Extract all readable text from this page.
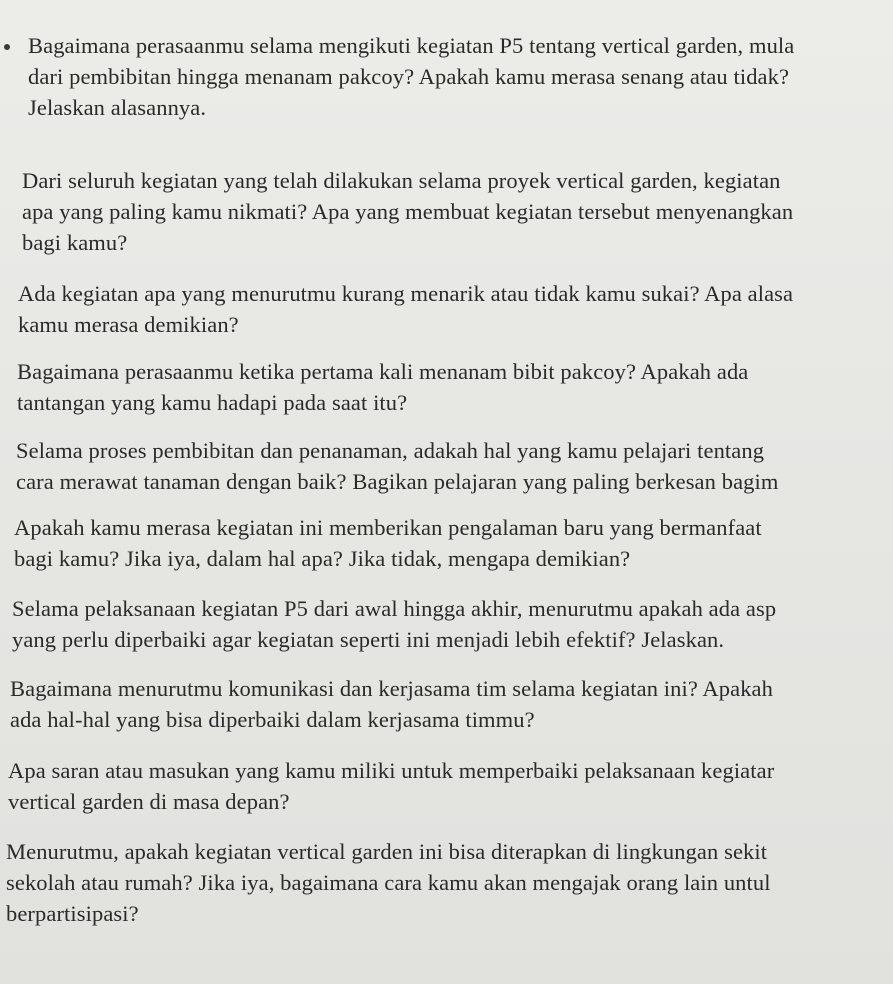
Bagaimana perasaanmu selama mengikuti kegiatan P5 tentang vertical garden, mula
dari pembibitan hingga menanam pakcoy? Apakah kamu merasa senang atau tidak?
Jelaskan alasannya.
Dari seluruh kegiatan yang telah dilakukan selama proyek vertical garden, kegiatan
apa yang paling kamu nikmati? Apa yang membuat kegiatan tersebut menyenangkan
bagi kamu?
Ada kegiatan apa yang menurutmu kurang menarik atau tidak kamu sukai? Apa alasa
kamu merasa demikian?
Bagaimana perasaanmu ketika pertama kali menanam bibit pakcoy? Apakah ada
tantangan yang kamu hadapi pada saat itu?
Selama proses pembibitan dan penanaman, adakah hal yang kamu pelajari tentang
cara merawat tanaman dengan baik? Bagikan pelajaran yang paling berkesan bagim
Apakah kamu merasa kegiatan ini memberikan pengalaman baru yang bermanfaat
bagi kamu? Jika iya, dalam hal apa? Jika tidak, mengapa demikian?
Selama pelaksanaan kegiatan P5 dari awal hingga akhir, menurutmu apakah ada asp
yang perlu diperbaiki agar kegiatan seperti ini menjadi lebih efektif? Jelaskan.
Bagaimana menurutmu komunikasi dan kerjasama tim selama kegiatan ini? Apakah
ada hal-hal yang bisa diperbaiki dalam kerjasama timmu?
Apa saran atau masukan yang kamu miliki untuk memperbaiki pelaksanaan kegiatar
vertical garden di masa depan?
Menurutmu, apakah kegiatan vertical garden ini bisa diterapkan di lingkungan sekit
sekolah atau rumah? Jika iya, bagaimana cara kamu akan mengajak orang lain untul
berpartisipasi?
